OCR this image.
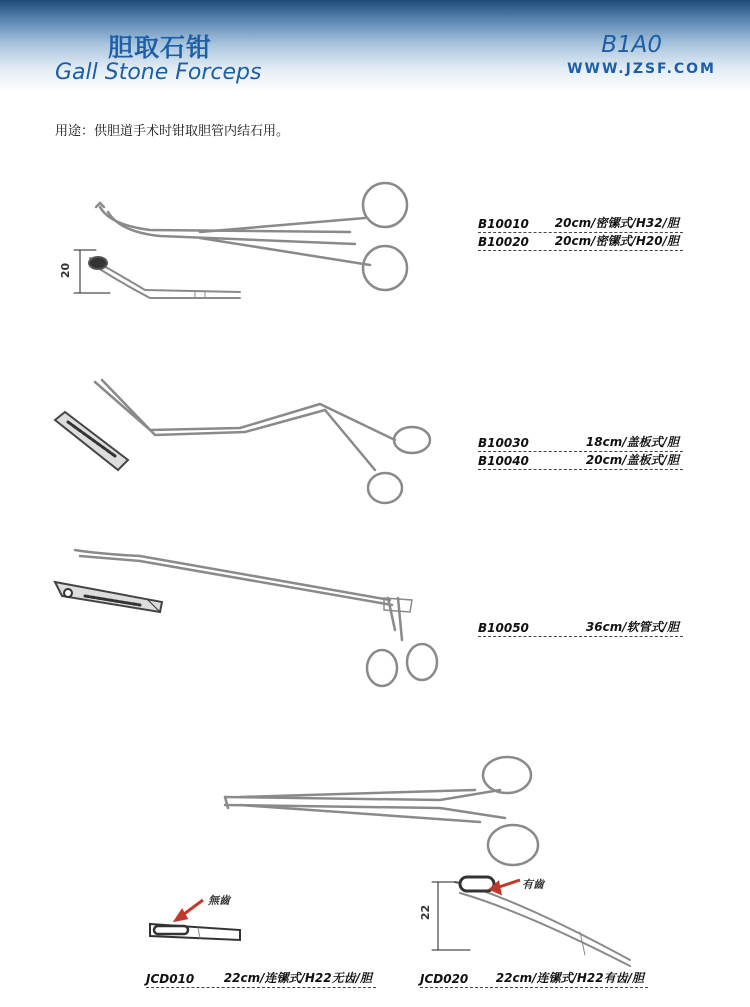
胆取石钳
Gall Stone Forceps
B1A0
WWW.JZSF.COM
用途：供胆道手术时钳取胆管内结石用。
20
22
無齒
有齒
B10010 20cm/密镙式/H32/胆
B10020 20cm/密镙式/H20/胆
B10030	18cm/盖板式/胆
B10040	20cm/盖板式/胆
B10050	36cm/软管式/胆
JCD010 22cm/连镙式/H22无齿/胆	JCD020 22cm/连镙式/H22有齿/胆
